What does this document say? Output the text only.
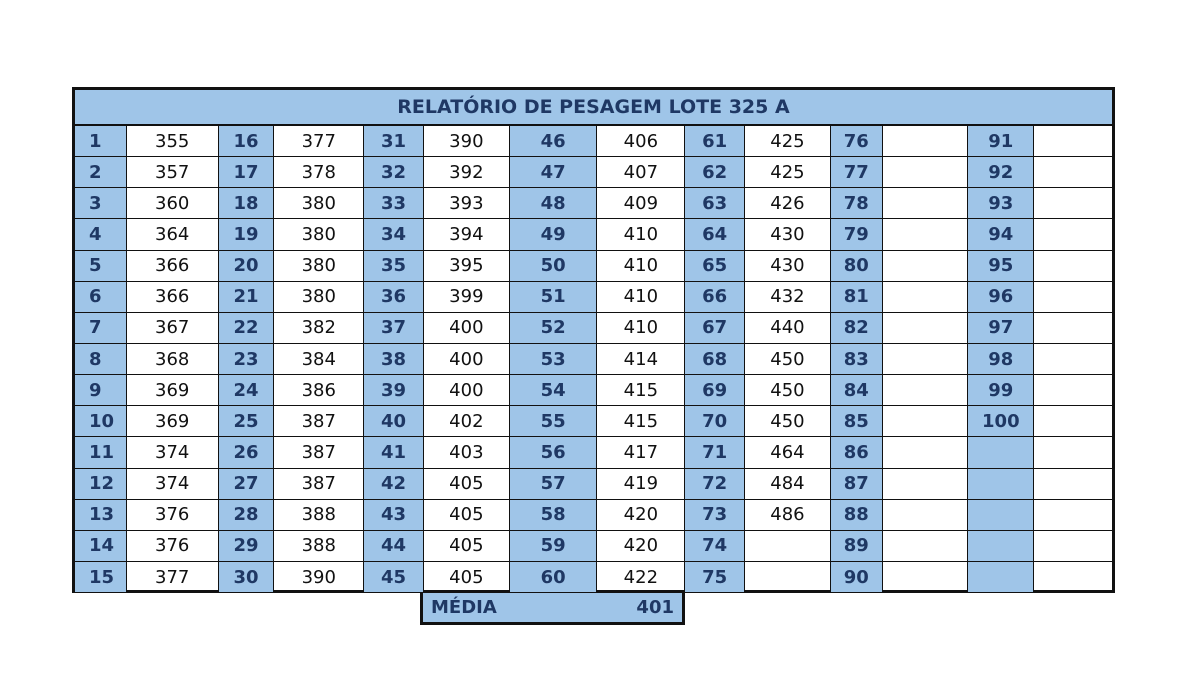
RELATÓRIO DE PESAGEM LOTE 325 A
1
2
3
4
5
6
7
8
9
10
11
12
13
14
15
355
357
360
364
366
366
367
368
369
369
374
374
376
376
377
16
17
18
19
20
21
22
23
24
25
26
27
28
29
30
377
378
380
380
380
380
382
384
386
387
387
387
388
388
390
31
32
33
34
35
36
37
38
39
40
41
42
43
44
45
390
392
393
394
395
399
400
400
400
402
403
405
405
405
405
46
47
48
49
50
51
52
53
54
55
56
57
58
59
60
406
407
409
410
410
410
410
414
415
415
417
419
420
420
422
61
62
63
64
65
66
67
68
69
70
71
72
73
74
75
425
425
426
430
430
432
440
450
450
450
464
484
486
76
77
78
79
80
81
82
83
84
85
86
87
88
89
90
91
92
93
94
95
96
97
98
99
100
MÉDIA	401
